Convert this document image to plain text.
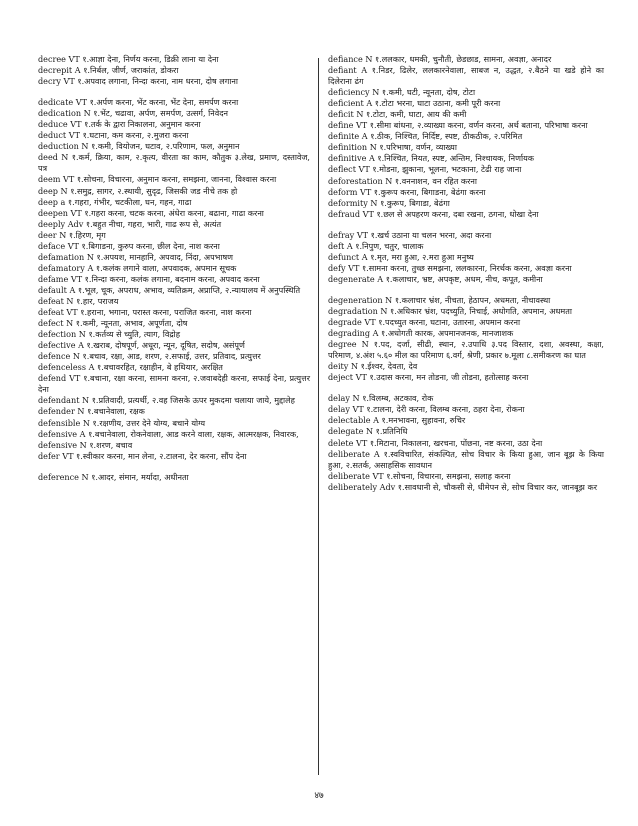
decree VT १.आज्ञा देना, निर्णय करना, डिक्री लाना या देना
decrepit A १.निर्बल, जीर्ण, जराकांत, डोकरा
decry VT १.अपवाद लगाना, निन्दा करना, नाम धरना, दोष लगाना
dedicate VT १.अर्पण करना, भेंट करना, भेंट देना, समर्पण करना
dedication N १.भेंट, चढावा, अर्पण, समर्पण, उत्सर्ग, निवेदन
deduce VT १.तर्क के द्वारा निकालना, अनुमान करना
deduct VT १.घटाना, कम करना, २.मुजरा करना
deduction N १.कमी, वियोजन, घटाव, २.परिणाम, फल, अनुमान
deed N १.कर्म, क्रिया, काम, २.कृत्य, वीरता का काम, कौतुक ३.लेख, प्रमाण, दस्तावेज, पत्र
deem VT १.सोचना, विचारना, अनुमान करना, समझना, जानना, विश्वास करना
deep N १.समुद्र, सागर, २.स्थायी, सुदृढ, जिसकी जड नीचे तक हो
deep a १.गहरा, गंभीर, चटकीला, घन, गहन, गाढा
deepen VT १.गहरा करना, चटक करना, अंधेरा करना, बढाना, गाढा करना
deeply Adv १.बहुत नीचा, गहरा, भारी, गाढ रूप से, अत्यंत
deer N १.हिरण, मृग
deface VT १.बिगाडना, कुरुप करना, छील देना, नाश करना
defamation N १.अपयश, मानहानि, अपवाद, निंदा, अपभाषण
defamatory A १.कलंक लगाने वाला, अपवादक, अपमान सूचक
defame VT १.निन्दा करना, कलंक लगाना, बदनाम करना, अपवाद करना
default A १.भूल, चूक, अपराध, अभाव, व्यतिक्रम, अप्राप्ति, २.न्यायालय में अनुपस्थिति
defeat N १.हार, पराजय
defeat VT १.हराना, भगाना, परास्त करना, पराजित करना, नाश करना
defect N १.कमी, न्यूनता, अभाव, अपूर्णता, दोष
defection N १.कर्तव्य से च्युति, त्याग, विद्रोह
defective A १.खराब, दोषपूर्ण, अधूरा, न्यून, दूषित, सदोष, असंपूर्ण
defence N १.बचाव, रक्षा, आड, शरण, २.सफाई, उत्तर, प्रतिवाद, प्रत्युत्तर
defenceless A १.बचावरहित, रक्षाहीन, बे हथियार, अरक्षित
defend VT १.बचाना, रक्षा करना, सामना करना, २.जवाबदेही करना, सफाई देना, प्रत्युत्तर देना
defendant N १.प्रतिवादी, प्रत्यर्थी, २.वह जिसके ऊपर मुकदमा चलाया जाये, मुद्दालेह
defender N १.बचानेवाला, रक्षक
defensible N १.रक्षणीय, उत्तर देने योग्य, बचाने योग्य
defensive A १.बचानेवाला, रोकनेवाला, आड करने वाला, रक्षक, आत्मरक्षक, निवारक,
defensive N १.शरण, बचाव
defer VT १.स्वीकार करना, मान लेना, २.टालना, देर करना, सौंप देना
deference N १.आदर, संमान, मर्यादा, अधीनता
defiance N १.ललकार, धमकी, चुनौती, छेडछाड, सामना, अवज्ञा, अनादर
defiant A १.निडर, ढिलेर, ललकारनेवाला, साबज न, उद्धत, २.बैठने या खडे होने का दिलेराना ढंग
deficiency N १.कमी, घटी, न्यूनता, दोष, टोटा
deficient A १.टोटा भरना, घाटा उठाना, कमी पूरी करना
deficit N १.टोटा, कमी, घाटा, आय की कमी
define VT १.सीमा बांधना, २.व्याख्या करना, वर्णन करना, अर्थ बताना, परिभाषा करना
definite A १.ठीक, निश्चित, निर्दिष्ट, स्पष्ट, ठीकठीक, २.परिमित
definition N १.परिभाषा, वर्णन, व्याख्या
definitive A १.निश्चित, नियत, स्पष्ट, अन्तिम, निश्चायक, निर्णायक
deflect VT १.मोडना, झुकाना, भूलना, भटकाना, टेढी राह जाना
deforestation N १.वननाशन, वन रहित करना
deform VT १.कुरूप करना, बिगाडना, बेढंगा करना
deformity N १.कुरूप, बिगाडा, बेढंगा
defraud VT १.छल से अपहरण करना, दबा रखना, ठगना, धोखा देना
defray VT १.खर्च उठाना या चलन भरना, अदा करना
deft A १.निपुण, चतुर, चालाक
defunct A १.मृत, मरा हुआ, २.मरा हुआ मनुष्य
defy VT १.सामना करना, तुच्छ समझना, ललकारना, निरर्थक करना, अवज्ञा करना
degenerate A १.कलाचार, भ्रष्ट, अपकृष्ट, अधम, नीच, कपूत, कमीना
degeneration N १.कलाचार भ्रंश, नीचता, हेठापन, अधमता, नीचावस्था
degradation N १.अधिकार भ्रंश, पदच्युति, निचाई, अधोगति, अपमान, अधमता
degrade VT १.पदच्युत करना, घटाना, उतारना, अपमान करना
degrading A १.अधोगती कारक, अपमानजनक, मानजाशक
degree N १.पद, दर्जा, सीढी, स्थान, २.उपाधि ३.पद विस्तार, दशा, अवस्था, कक्षा, परिमाण, ४.अंश ५.६० मील का परिमाण ६.वर्ग, श्रेणी, प्रकार ७.मूला ८.समीकरण का घात
deity N १.ईश्वर, देवता, देव
deject VT १.उदास करना, मन तोडना, जी तोडना, हतोत्साह करना
delay N १.विलम्ब, अटकाव, रोक
delay VT १.टालना, देरी करना, विलम्ब करना, ठहरा देना, रोकना
delectable A १.मनभावना, सुहावना, रुचिर
delegate N १.प्रतिनिधि
delete VT १.मिटाना, निकालना, खरचना, पोंछना, नष्ट करना, उठा देना
deliberate A १.स्वविचारित, संकल्पित, सोच विचार के किया हुआ, जान बूझ के किया हुआ, २.सतर्क, असाहसिक सावधान
deliberate VT १.सोचना, विचारना, समझना, सलाह करना
deliberately Adv १.सावधानी से, चौकसी से, धीमेपन से, सोच विचार कर, जानबूझ कर
४७
